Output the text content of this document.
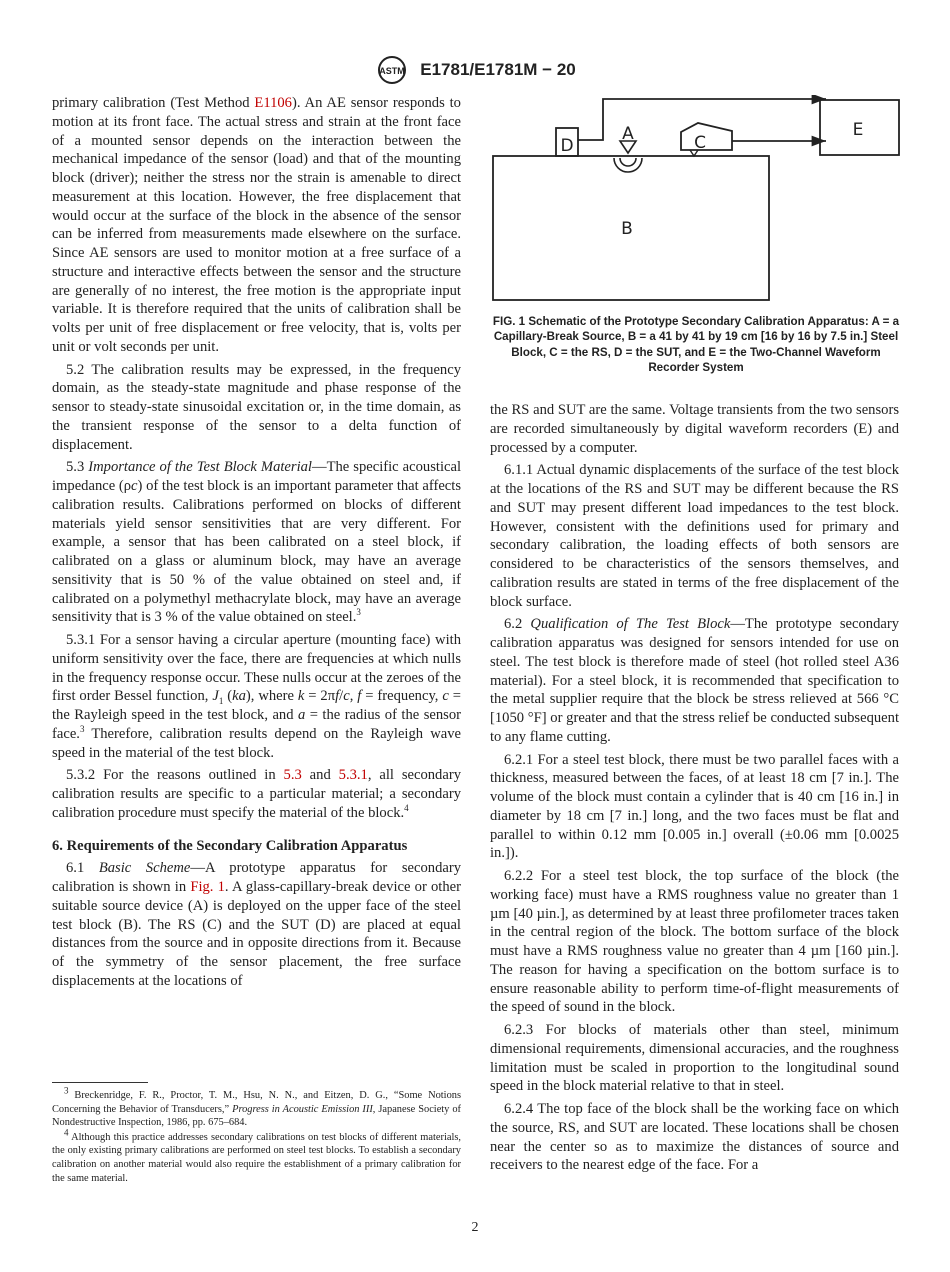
ASTM E1781/E1781M − 20

primary calibration (Test Method E1106). An AE sensor responds to motion at its front face. The actual stress and strain at the front face of a mounted sensor depends on the interaction between the mechanical impedance of the sensor (load) and that of the mounting block (driver); neither the stress nor the strain is amenable to direct measurement at this location. However, the free displacement that would occur at the surface of the block in the absence of the sensor can be inferred from measurements made elsewhere on the surface. Since AE sensors are used to monitor motion at a free surface of a structure and interactive effects between the sensor and the structure are generally of no interest, the free motion is the appropriate input variable. It is therefore required that the units of calibration shall be volts per unit of free displacement or free velocity, that is, volts per unit or volt seconds per unit.

5.2 The calibration results may be expressed, in the frequency domain, as the steady-state magnitude and phase response of the sensor to steady-state sinusoidal excitation or, in the time domain, as the transient response of the sensor to a delta function of displacement.

5.3 Importance of the Test Block Material—The specific acoustical impedance (ρc) of the test block is an important parameter that affects calibration results. Calibrations performed on blocks of different materials yield sensor sensitivities that are very different. For example, a sensor that has been calibrated on a steel block, if calibrated on a glass or aluminum block, may have an average sensitivity that is 50 % of the value obtained on steel and, if calibrated on a polymethyl methacrylate block, may have an average sensitivity that is 3 % of the value obtained on steel.$^3$

5.3.1 For a sensor having a circular aperture (mounting face) with uniform sensitivity over the face, there are frequencies at which nulls in the frequency response occur. These nulls occur at the zeroes of the first order Bessel function, $J_1$ (ka), where k = 2πf/c, f = frequency, c = the Rayleigh speed in the test block, and a = the radius of the sensor face.$^3$ Therefore, calibration results depend on the Rayleigh wave speed in the material of the test block.

5.3.2 For the reasons outlined in 5.3 and 5.3.1, all secondary calibration results are specific to a particular material; a secondary calibration procedure must specify the material of the block.$^4$

6. Requirements of the Secondary Calibration Apparatus

6.1 Basic Scheme—A prototype apparatus for secondary calibration is shown in Fig. 1. A glass-capillary-break device or other suitable source device (A) is deployed on the upper face of the steel test block (B). The RS (C) and the SUT (D) are placed at equal distances from the source and in opposite directions from it. Because of the symmetry of the sensor placement, the free surface displacements at the locations of

D
A	C
E
B
FIG. 1 Schematic of the Prototype Secondary Calibration Apparatus: A = a Capillary-Break Source, B = a 41 by 41 by 19 cm [16 by 16 by 7.5 in.] Steel Block, C = the RS, D = the SUT, and E = the Two-Channel Waveform Recorder System

the RS and SUT are the same. Voltage transients from the two sensors are recorded simultaneously by digital waveform recorders (E) and processed by a computer.

6.1.1 Actual dynamic displacements of the surface of the test block at the locations of the RS and SUT may be different because the RS and SUT may present different load impedances to the test block. However, consistent with the definitions used for primary and secondary calibration, the loading effects of both sensors are considered to be characteristics of the sensors themselves, and calibration results are stated in terms of the free displacement of the block surface.

6.2 Qualification of The Test Block—The prototype secondary calibration apparatus was designed for sensors intended for use on steel. The test block is therefore made of steel (hot rolled steel A36 material). For a steel block, it is recommended that specification to the metal supplier require that the block be stress relieved at 566 °C [1050 °F] or greater and that the stress relief be conducted subsequent to any flame cutting.

6.2.1 For a steel test block, there must be two parallel faces with a thickness, measured between the faces, of at least 18 cm [7 in.]. The volume of the block must contain a cylinder that is 40 cm [16 in.] in diameter by 18 cm [7 in.] long, and the two faces must be flat and parallel to within 0.12 mm [0.005 in.] overall (±0.06 mm [0.0025 in.]).

6.2.2 For a steel test block, the top surface of the block (the working face) must have a RMS roughness value no greater than 1 µm [40 µin.], as determined by at least three profilometer traces taken in the central region of the block. The bottom surface of the block must have a RMS roughness value no greater than 4 µm [160 µin.]. The reason for having a specification on the bottom surface is to ensure reasonable ability to perform time-of-flight measurements of the speed of sound in the block.

6.2.3 For blocks of materials other than steel, minimum dimensional requirements, dimensional accuracies, and the roughness limitation must be scaled in proportion to the longitudinal sound speed in the block material relative to that in steel.

6.2.4 The top face of the block shall be the working face on which the source, RS, and SUT are located. These locations shall be chosen near the center so as to maximize the distances of source and receivers to the nearest edge of the face. For a

$^3$ Breckenridge, F. R., Proctor, T. M., Hsu, N. N., and Eitzen, D. G., “Some Notions Concerning the Behavior of Transducers,” Progress in Acoustic Emission III, Japanese Society of Nondestructive Inspection, 1986, pp. 675–684.

$^4$ Although this practice addresses secondary calibrations on test blocks of different materials, the only existing primary calibrations are performed on steel test blocks. To establish a secondary calibration on another material would also require the establishment of a primary calibration for the same material.

2
